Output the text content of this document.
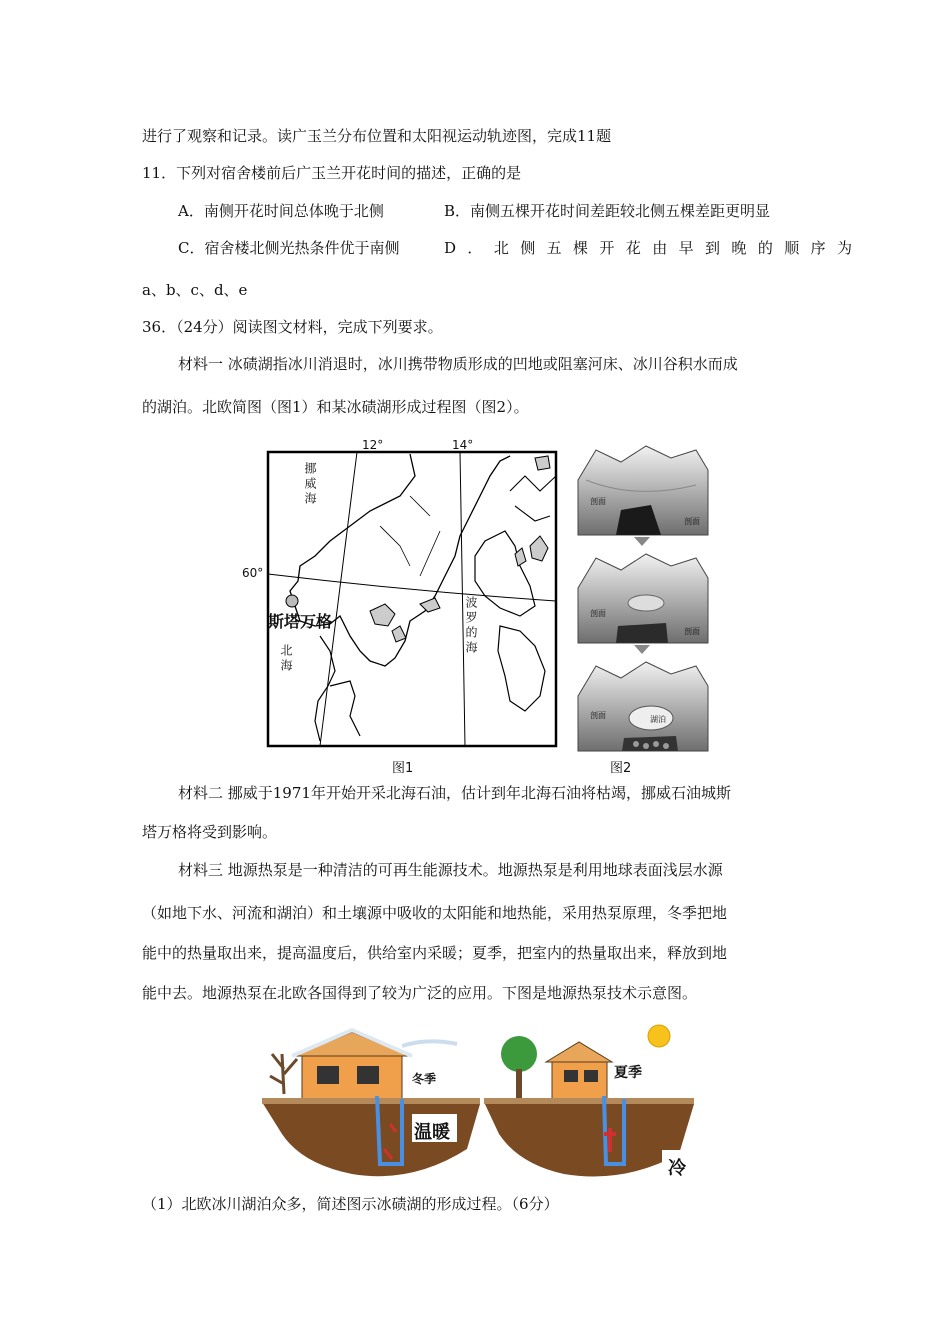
进行了观察和记录。读广玉兰分布位置和太阳视运动轨迹图，完成11题
11．下列对宿舍楼前后广玉兰开花时间的描述，正确的是
A．南侧开花时间总体晚于北侧	B．南侧五棵开花时间差距较北侧五棵差距更明显
C．宿舍楼北侧光热条件优于南侧	D．北侧五棵开花由早到晚的顺序为
a、b、c、d、e
36．（24分）阅读图文材料，完成下列要求。
材料一 冰碛湖指冰川消退时，冰川携带物质形成的凹地或阻塞河床、冰川谷积水而成
的湖泊。北欧简图（图1）和某冰碛湖形成过程图（图2）。
12°	14°
60°
挪威海
斯塔万格
北海
波罗的海
图1
剖面
剖面
剖面
剖面
剖面	湖泊
图2
材料二 挪威于1971年开始开采北海石油，估计到年北海石油将枯竭，挪威石油城斯
塔万格将受到影响。
材料三 地源热泵是一种清洁的可再生能源技术。地源热泵是利用地球表面浅层水源
（如地下水、河流和湖泊）和土壤源中吸收的太阳能和地热能，采用热泵原理，冬季把地
能中的热量取出来，提高温度后，供给室内采暖；夏季，把室内的热量取出来，释放到地
能中去。地源热泵在北欧各国得到了较为广泛的应用。下图是地源热泵技术示意图。
冬季
温暖
夏季
冷
（1）北欧冰川湖泊众多，简述图示冰碛湖的形成过程。（6分）
